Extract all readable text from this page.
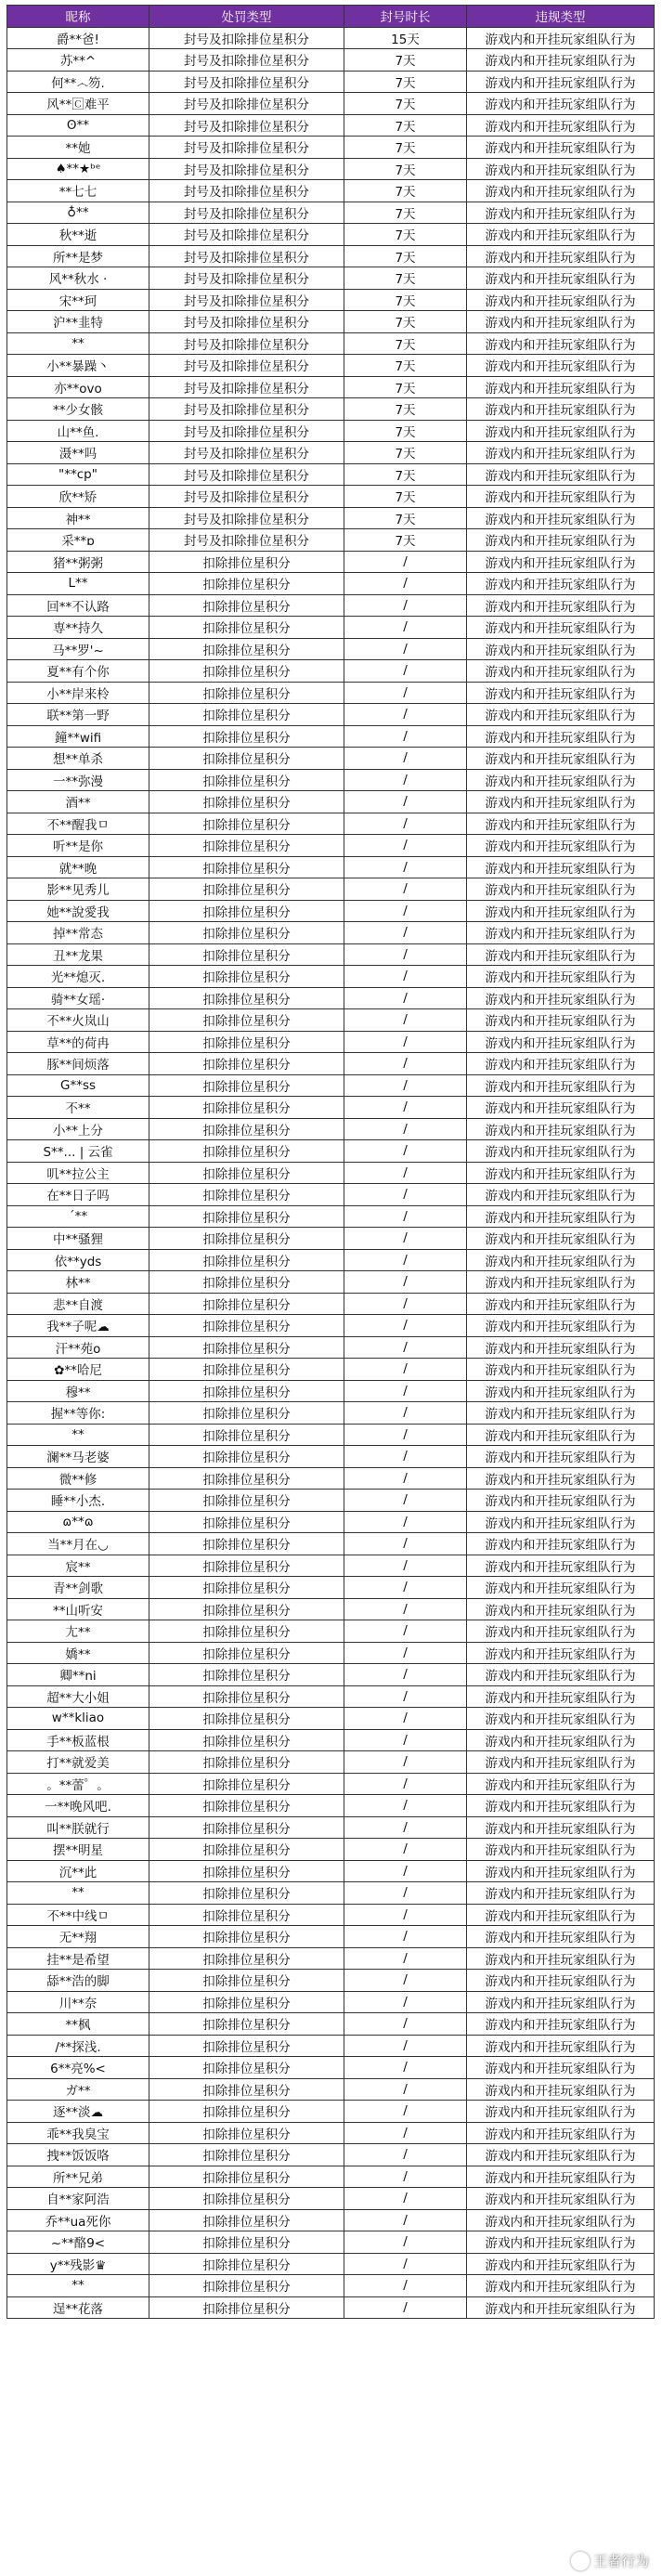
昵称	处罚类型	封号时长	违规类型
爵**爸!	封号及扣除排位星积分	15天	游戏内和开挂玩家组队行为
苏**^	封号及扣除排位星积分	7天	游戏内和开挂玩家组队行为
何**෴笏.	封号及扣除排位星积分	7天	游戏内和开挂玩家组队行为
风**🄲难平	封号及扣除排位星积分	7天	游戏内和开挂玩家组队行为
ʘ**	封号及扣除排位星积分	7天	游戏内和开挂玩家组队行为
**她	封号及扣除排位星积分	7天	游戏内和开挂玩家组队行为
♠**★ᵇᵉ	封号及扣除排位星积分	7天	游戏内和开挂玩家组队行为
**七七	封号及扣除排位星积分	7天	游戏内和开挂玩家组队行为
♁**	封号及扣除排位星积分	7天	游戏内和开挂玩家组队行为
秋**逝	封号及扣除排位星积分	7天	游戏内和开挂玩家组队行为
所**是梦	封号及扣除排位星积分	7天	游戏内和开挂玩家组队行为
风**秋水 ·	封号及扣除排位星积分	7天	游戏内和开挂玩家组队行为
宋**珂	封号及扣除排位星积分	7天	游戏内和开挂玩家组队行为
沪**韭特	封号及扣除排位星积分	7天	游戏内和开挂玩家组队行为
**	封号及扣除排位星积分	7天	游戏内和开挂玩家组队行为
小**暴躁丶	封号及扣除排位星积分	7天	游戏内和开挂玩家组队行为
亦**ovo	封号及扣除排位星积分	7天	游戏内和开挂玩家组队行为
**少女骸	封号及扣除排位星积分	7天	游戏内和开挂玩家组队行为
山**鱼.	封号及扣除排位星积分	7天	游戏内和开挂玩家组队行为
滠**吗	封号及扣除排位星积分	7天	游戏内和开挂玩家组队行为
"**cp"	封号及扣除排位星积分	7天	游戏内和开挂玩家组队行为
欣**矫	封号及扣除排位星积分	7天	游戏内和开挂玩家组队行为
神**	封号及扣除排位星积分	7天	游戏内和开挂玩家组队行为
采**ɒ	封号及扣除排位星积分	7天	游戏内和开挂玩家组队行为
猪**粥粥	扣除排位星积分	/	游戏内和开挂玩家组队行为
L**	扣除排位星积分	/	游戏内和开挂玩家组队行为
回**不认路	扣除排位星积分	/	游戏内和开挂玩家组队行为
専**持久	扣除排位星积分	/	游戏内和开挂玩家组队行为
马**罗'~	扣除排位星积分	/	游戏内和开挂玩家组队行为
夏**有个你	扣除排位星积分	/	游戏内和开挂玩家组队行为
小**岸来柃	扣除排位星积分	/	游戏内和开挂玩家组队行为
联**第一野	扣除排位星积分	/	游戏内和开挂玩家组队行为
鐘**wifi	扣除排位星积分	/	游戏内和开挂玩家组队行为
想**单杀	扣除排位星积分	/	游戏内和开挂玩家组队行为
一**弥漫	扣除排位星积分	/	游戏内和开挂玩家组队行为
酒**	扣除排位星积分	/	游戏内和开挂玩家组队行为
不**醒我ㅁ	扣除排位星积分	/	游戏内和开挂玩家组队行为
听**是你	扣除排位星积分	/	游戏内和开挂玩家组队行为
就**晚	扣除排位星积分	/	游戏内和开挂玩家组队行为
影**见秀儿	扣除排位星积分	/	游戏内和开挂玩家组队行为
她**說愛我	扣除排位星积分	/	游戏内和开挂玩家组队行为
掉**常态	扣除排位星积分	/	游戏内和开挂玩家组队行为
丑**龙果	扣除排位星积分	/	游戏内和开挂玩家组队行为
光**熄灭.	扣除排位星积分	/	游戏内和开挂玩家组队行为
骑**女瑶·	扣除排位星积分	/	游戏内和开挂玩家组队行为
不**火岚山	扣除排位星积分	/	游戏内和开挂玩家组队行为
草**的荷冉	扣除排位星积分	/	游戏内和开挂玩家组队行为
豚**间烦落	扣除排位星积分	/	游戏内和开挂玩家组队行为
G**ss	扣除排位星积分	/	游戏内和开挂玩家组队行为
不**	扣除排位星积分	/	游戏内和开挂玩家组队行为
小**上分	扣除排位星积分	/	游戏内和开挂玩家组队行为
S**... | 云雀	扣除排位星积分	/	游戏内和开挂玩家组队行为
叽**拉公主	扣除排位星积分	/	游戏内和开挂玩家组队行为
在**日子吗	扣除排位星积分	/	游戏内和开挂玩家组队行为
ˊ**	扣除排位星积分	/	游戏内和开挂玩家组队行为
中**骚狸	扣除排位星积分	/	游戏内和开挂玩家组队行为
依**yds	扣除排位星积分	/	游戏内和开挂玩家组队行为
林**	扣除排位星积分	/	游戏内和开挂玩家组队行为
悲**自渡	扣除排位星积分	/	游戏内和开挂玩家组队行为
我**子呢☁	扣除排位星积分	/	游戏内和开挂玩家组队行为
汗**苑o	扣除排位星积分	/	游戏内和开挂玩家组队行为
✿**哈尼	扣除排位星积分	/	游戏内和开挂玩家组队行为
穆**	扣除排位星积分	/	游戏内和开挂玩家组队行为
握**等你:	扣除排位星积分	/	游戏内和开挂玩家组队行为
**	扣除排位星积分	/	游戏内和开挂玩家组队行为
澜**马老婆	扣除排位星积分	/	游戏内和开挂玩家组队行为
微**修	扣除排位星积分	/	游戏内和开挂玩家组队行为
睡**小杰.	扣除排位星积分	/	游戏内和开挂玩家组队行为
ɷ**ɷ	扣除排位星积分	/	游戏内和开挂玩家组队行为
当**月在◡	扣除排位星积分	/	游戏内和开挂玩家组队行为
宸**	扣除排位星积分	/	游戏内和开挂玩家组队行为
青**剑歌	扣除排位星积分	/	游戏内和开挂玩家组队行为
**山听安	扣除排位星积分	/	游戏内和开挂玩家组队行为
尢**	扣除排位星积分	/	游戏内和开挂玩家组队行为
嬌**	扣除排位星积分	/	游戏内和开挂玩家组队行为
卿**ni	扣除排位星积分	/	游戏内和开挂玩家组队行为
超**大小姐	扣除排位星积分	/	游戏内和开挂玩家组队行为
w**kliao	扣除排位星积分	/	游戏内和开挂玩家组队行为
手**板蓝根	扣除排位星积分	/	游戏内和开挂玩家组队行为
打**就爱美	扣除排位星积分	/	游戏内和开挂玩家组队行为
。**蕾゜。	扣除排位星积分	/	游戏内和开挂玩家组队行为
一**晚风吧.	扣除排位星积分	/	游戏内和开挂玩家组队行为
叫**朕就行	扣除排位星积分	/	游戏内和开挂玩家组队行为
摆**明星	扣除排位星积分	/	游戏内和开挂玩家组队行为
沉**此	扣除排位星积分	/	游戏内和开挂玩家组队行为
**	扣除排位星积分	/	游戏内和开挂玩家组队行为
不**中线ㅁ	扣除排位星积分	/	游戏内和开挂玩家组队行为
无**翔	扣除排位星积分	/	游戏内和开挂玩家组队行为
挂**是希望	扣除排位星积分	/	游戏内和开挂玩家组队行为
舔**浩的脚	扣除排位星积分	/	游戏内和开挂玩家组队行为
川**奈	扣除排位星积分	/	游戏内和开挂玩家组队行为
**枫	扣除排位星积分	/	游戏内和开挂玩家组队行为
/**探浅.	扣除排位星积分	/	游戏内和开挂玩家组队行为
6**亮%<	扣除排位星积分	/	游戏内和开挂玩家组队行为
ガ**	扣除排位星积分	/	游戏内和开挂玩家组队行为
逐**淡☁	扣除排位星积分	/	游戏内和开挂玩家组队行为
乖**我臭宝	扣除排位星积分	/	游戏内和开挂玩家组队行为
拽**饭饭咯	扣除排位星积分	/	游戏内和开挂玩家组队行为
所**兄弟	扣除排位星积分	/	游戏内和开挂玩家组队行为
自**家阿浩	扣除排位星积分	/	游戏内和开挂玩家组队行为
乔**ua死你	扣除排位星积分	/	游戏内和开挂玩家组队行为
~**酪9<	扣除排位星积分	/	游戏内和开挂玩家组队行为
y**残影♛	扣除排位星积分	/	游戏内和开挂玩家组队行为
**	扣除排位星积分	/	游戏内和开挂玩家组队行为
逞**花落	扣除排位星积分	/	游戏内和开挂玩家组队行为
王者行为
